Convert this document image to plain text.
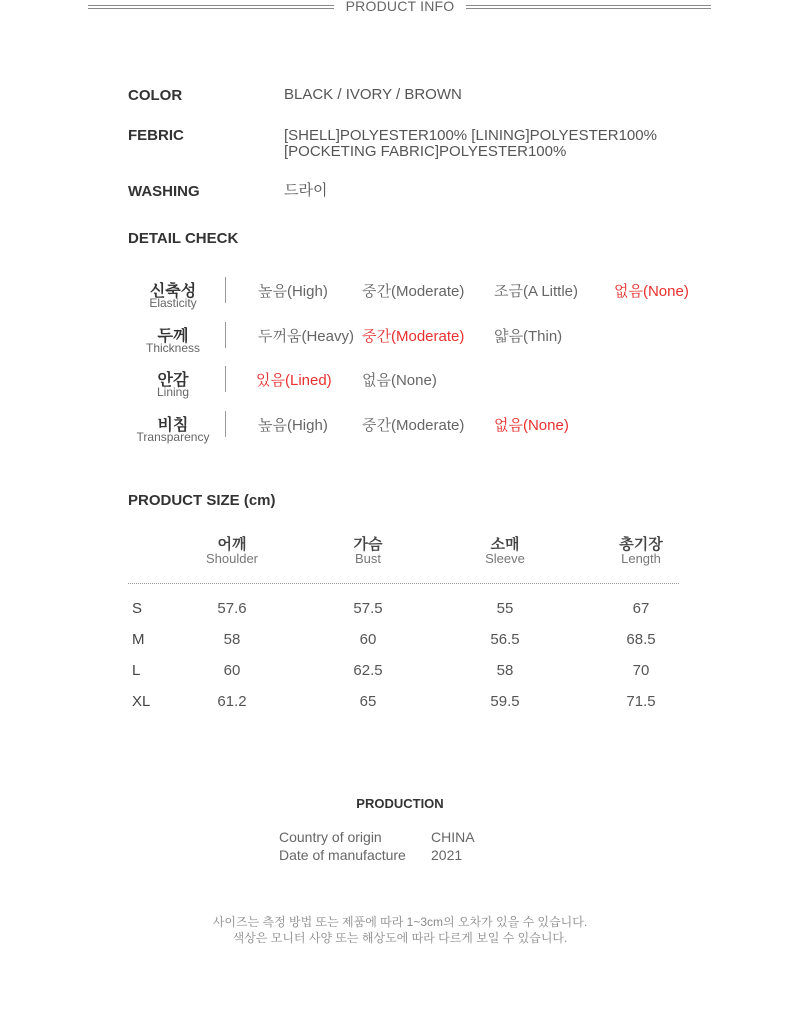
PRODUCT INFO
COLOR	BLACK / IVORY / BROWN
FEBRIC	[SHELL]POLYESTER100% [LINING]POLYESTER100%
[POCKETING FABRIC]POLYESTER100%
WASHING	드라이
DETAIL CHECK
신축성
Elasticity
높음(High) 중간(Moderate) 조금(A Little) 없음(None)
두께
Thickness
두꺼움(Heavy) 중간(Moderate) 얇음(Thin)
안감
Lining
있음(Lined) 없음(None)
비침
Transparency
높음(High) 중간(Moderate) 없음(None)
PRODUCT SIZE (cm)
어깨
Shoulder
가슴
Bust
소매
Sleeve
총기장
Length
S	57.6	57.5	55	67
M	58	60	56.5	68.5
L	60	62.5	58	70
XL	61.2	65	59.5	71.5
PRODUCTION
Country of origin	CHINA
Date of manufacture 2021
사이즈는 측정 방법 또는 제품에 따라 1~3cm의 오차가 있을 수 있습니다.
색상은 모니터 사양 또는 해상도에 따라 다르게 보일 수 있습니다.
